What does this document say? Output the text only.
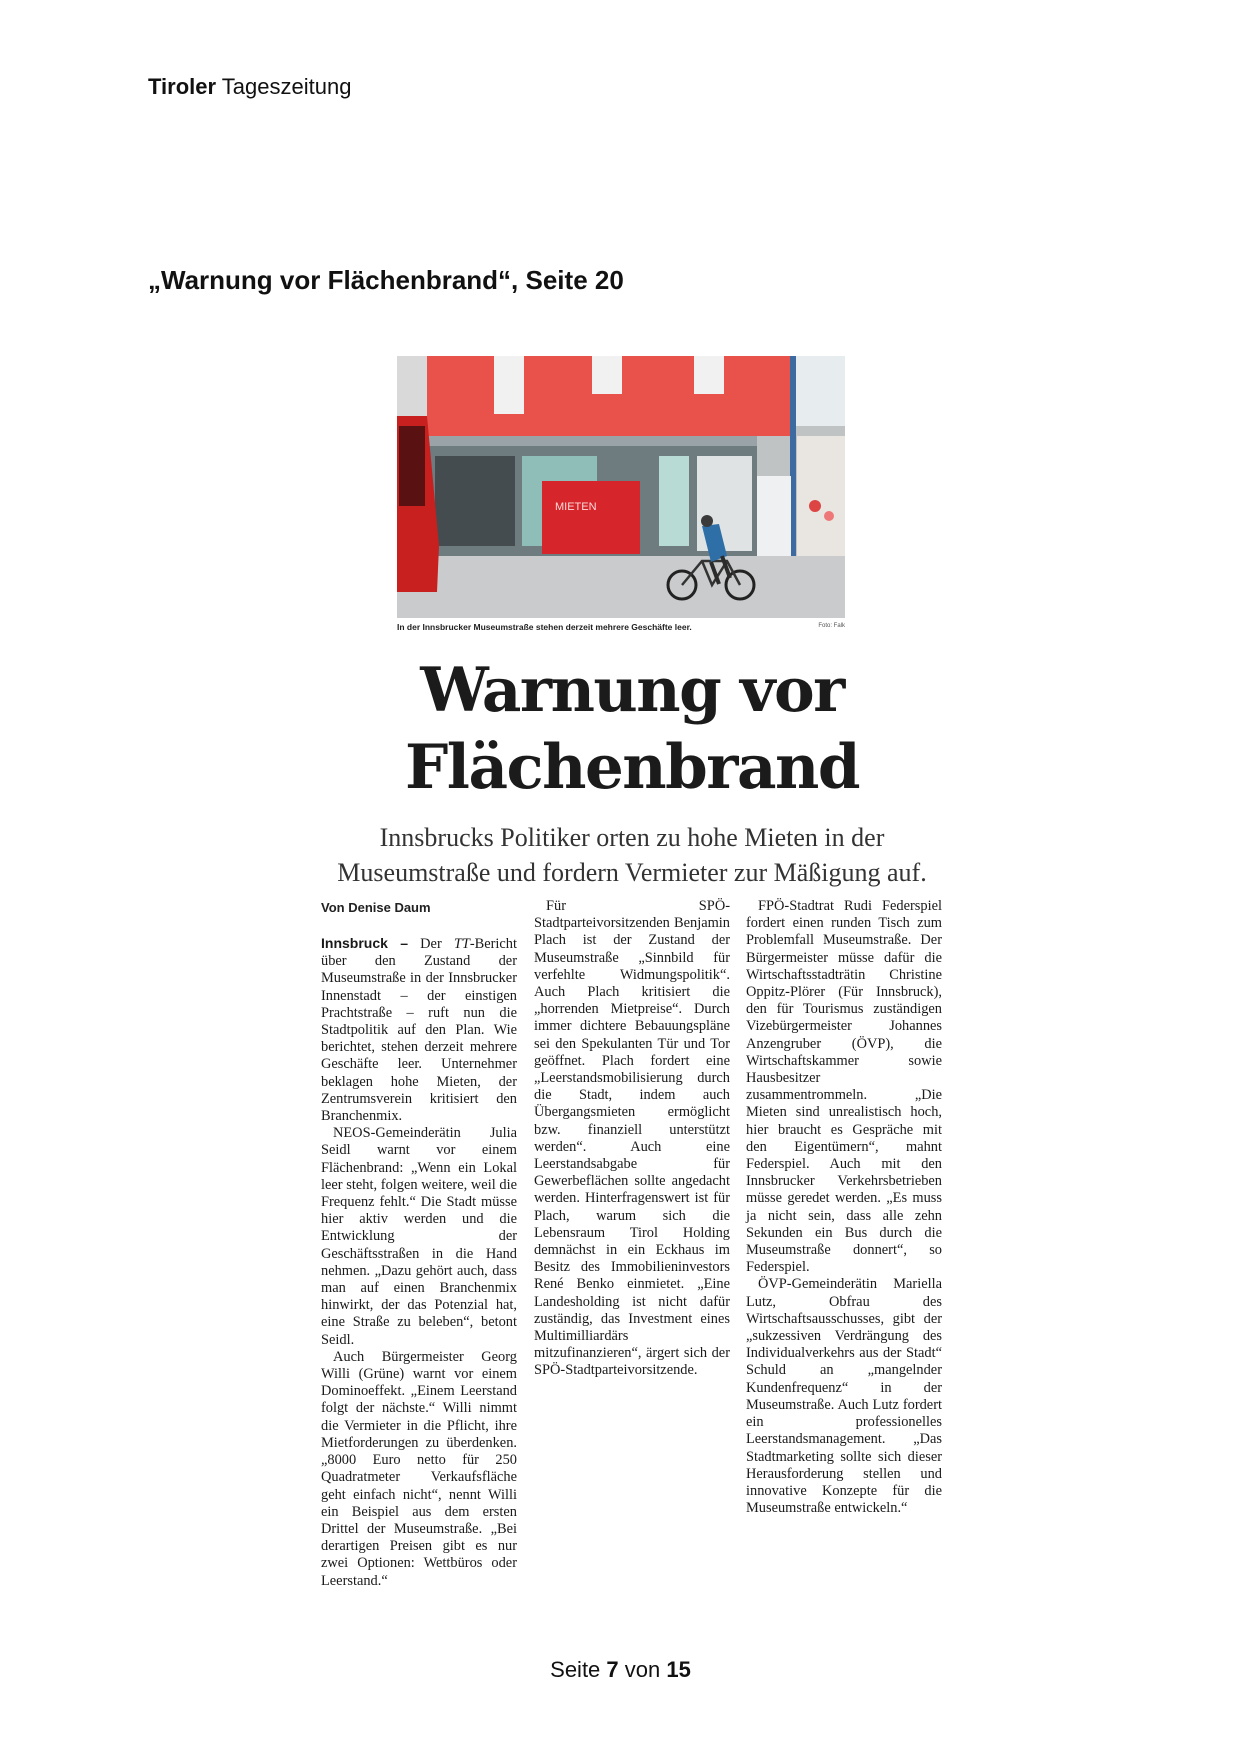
Tiroler Tageszeitung
„Warnung vor Flächenbrand“, Seite 20
MIETEN
In der Innsbrucker Museumstraße stehen derzeit mehrere Geschäfte leer.	Foto: Falk
Warnung vor
Flächenbrand
Innsbrucks Politiker orten zu hohe Mieten in der Museumstraße und fordern Vermieter zur Mäßigung auf.
Von Denise Daum

Innsbruck – Der TT-Bericht über den Zustand der Museumstraße in der Innsbrucker Innenstadt – der einstigen Prachtstraße – ruft nun die Stadtpolitik auf den Plan. Wie berichtet, stehen derzeit mehrere Geschäfte leer. Unternehmer beklagen hohe Mieten, der Zentrumsverein kritisiert den Branchenmix.

NEOS-Gemeinderätin Julia Seidl warnt vor einem Flächenbrand: „Wenn ein Lokal leer steht, folgen weitere, weil die Frequenz fehlt.“ Die Stadt müsse hier aktiv werden und die Entwicklung der Geschäftsstraßen in die Hand nehmen. „Dazu gehört auch, dass man auf einen Branchenmix hinwirkt, der das Potenzial hat, eine Straße zu beleben“, betont Seidl.

Auch Bürgermeister Georg Willi (Grüne) warnt vor einem Dominoeffekt. „Einem Leerstand folgt der nächste.“ Willi nimmt die Vermieter in die Pflicht, ihre Mietforderungen zu überdenken. „8000 Euro netto für 250 Quadratmeter Verkaufsfläche geht einfach nicht“, nennt Willi ein Beispiel aus dem ersten Drittel der Museumstraße. „Bei derartigen Preisen gibt es nur zwei Optionen: Wettbüros oder Leerstand.“

Für SPÖ-Stadtparteivorsitzenden Benjamin Plach ist der Zustand der Museumstraße „Sinnbild für verfehlte Widmungspolitik“. Auch Plach kritisiert die „horrenden Mietpreise“. Durch immer dichtere Bebauungspläne sei den Spekulanten Tür und Tor geöffnet. Plach fordert eine „Leerstandsmobilisierung durch die Stadt, indem auch Übergangsmieten ermöglicht bzw. finanziell unterstützt werden“. Auch eine Leerstandsabgabe für Gewerbeflächen sollte angedacht werden. Hinterfragenswert ist für Plach, warum sich die Lebensraum Tirol Holding demnächst in ein Eckhaus im Besitz des Immobilieninvestors René Benko einmietet. „Eine Landesholding ist nicht dafür zuständig, das Investment eines Multimilliardärs mitzufinanzieren“, ärgert sich der SPÖ-Stadtparteivorsitzende.

FPÖ-Stadtrat Rudi Federspiel fordert einen runden Tisch zum Problemfall Museumstraße. Der Bürgermeister müsse dafür die Wirtschaftsstadträtin Christine Oppitz-Plörer (Für Innsbruck), den für Tourismus zuständigen Vizebürgermeister Johannes Anzengruber (ÖVP), die Wirtschaftskammer sowie Hausbesitzer zusammentrommeln. „Die Mieten sind unrealistisch hoch, hier braucht es Gespräche mit den Eigentümern“, mahnt Federspiel. Auch mit den Innsbrucker Verkehrsbetrieben müsse geredet werden. „Es muss ja nicht sein, dass alle zehn Sekunden ein Bus durch die Museumstraße donnert“, so Federspiel.

ÖVP-Gemeinderätin Mariella Lutz, Obfrau des Wirtschaftsausschusses, gibt der „sukzessiven Verdrängung des Individualverkehrs aus der Stadt“ Schuld an „mangelnder Kundenfrequenz“ in der Museumstraße. Auch Lutz fordert ein professionelles Leerstandsmanagement. „Das Stadtmarketing sollte sich dieser Herausforderung stellen und innovative Konzepte für die Museumstraße entwickeln.“

Seite 7 von 15
